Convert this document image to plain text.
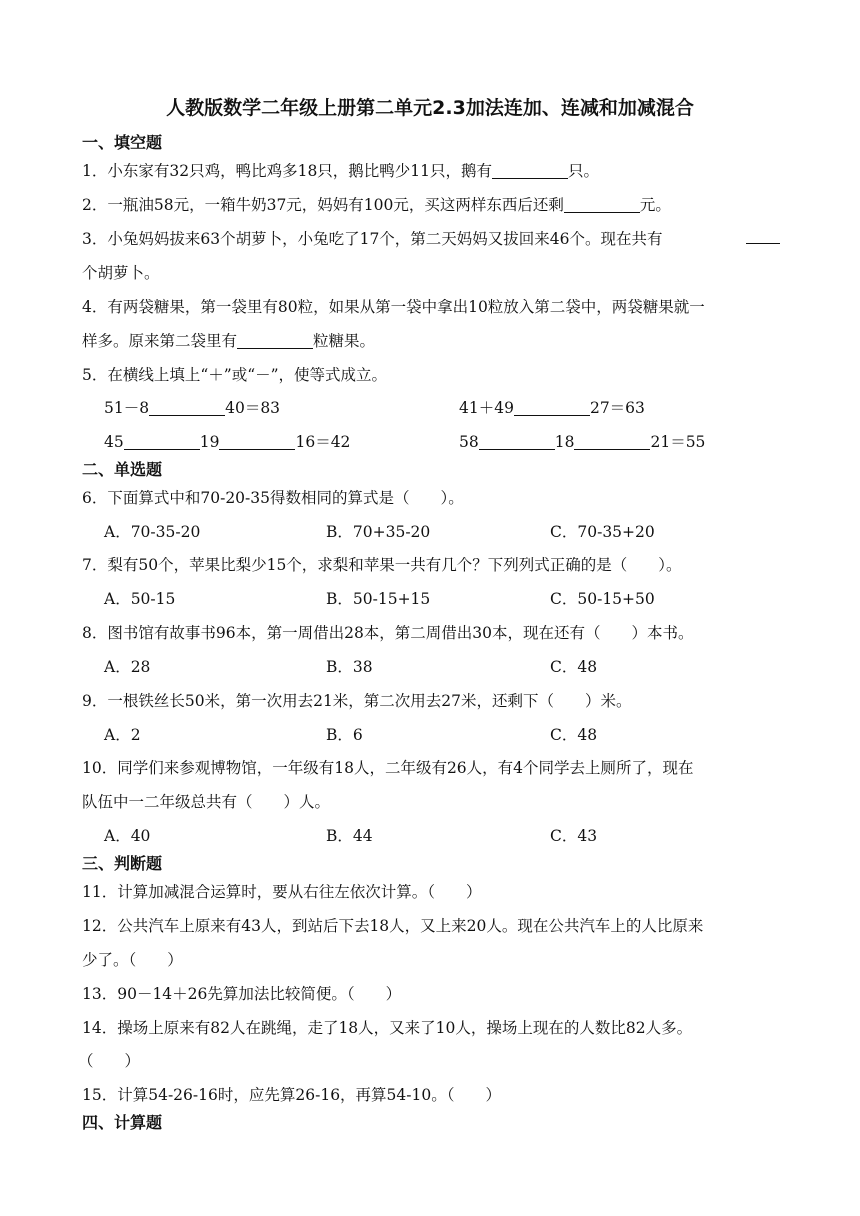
人教版数学二年级上册第二单元2.3加法连加、连减和加减混合
一、填空题
1．小东家有32只鸡，鸭比鸡多18只，鹅比鸭少11只，鹅有	只。
2．一瓶油58元，一箱牛奶37元，妈妈有100元，买这两样东西后还剩	元。
3．小兔妈妈拔来63个胡萝卜，小兔吃了17个，第二天妈妈又拔回来46个。现在共有
个胡萝卜。
4．有两袋糖果，第一袋里有80粒，如果从第一袋中拿出10粒放入第二袋中，两袋糖果就一
样多。原来第二袋里有	粒糖果。
5．在横线上填上“＋”或“－”，使等式成立。
51－8	40＝83	41＋49	27＝63
45	19	16＝42	58	18	21＝55
二、单选题
6．下面算式中和70-20-35得数相同的算式是（　　）。
A．70-35-20	B．70+35-20	C．70-35+20
7．梨有50个，苹果比梨少15个，求梨和苹果一共有几个？下列列式正确的是（　　）。
A．50-15	B．50-15+15	C．50-15+50
8．图书馆有故事书96本，第一周借出28本，第二周借出30本，现在还有（　　）本书。
A．28	B．38	C．48
9．一根铁丝长50米，第一次用去21米，第二次用去27米，还剩下（　　）米。
A．2	B．6	C．48
10．同学们来参观博物馆，一年级有18人，二年级有26人，有4个同学去上厕所了，现在
队伍中一二年级总共有（　　）人。
A．40	B．44	C．43
三、判断题
11．计算加减混合运算时，要从右往左依次计算。（　　）
12．公共汽车上原来有43人，到站后下去18人，又上来20人。现在公共汽车上的人比原来
少了。（　　）
13．90－14＋26先算加法比较简便。（　　）
14．操场上原来有82人在跳绳，走了18人，又来了10人，操场上现在的人数比82人多。
（　　）
15．计算54-26-16时，应先算26-16，再算54-10。（　　）
四、计算题
